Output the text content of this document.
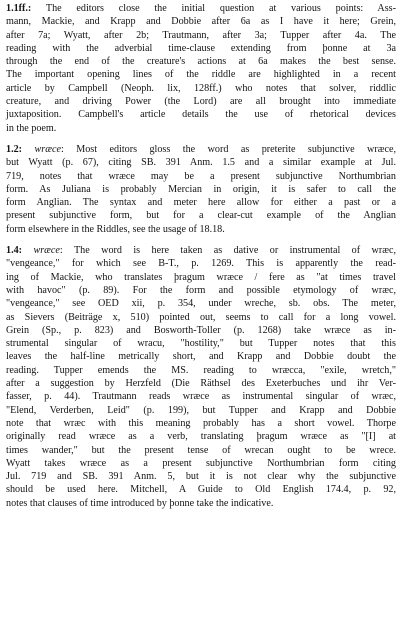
1.1ff.: The editors close the initial question at various points: Ass-
mann, Mackie, and Krapp and Dobbie after 6a as I have it here; Grein,
after 7a; Wyatt, after 2b; Trautmann, after 3a; Tupper after 4a. The
reading with the adverbial time-clause extending from þonne at 3a
through the end of the creature's actions at 6a makes the best sense.
The important opening lines of the riddle are highlighted in a recent
article by Campbell (Neoph. lix, 128ff.) who notes that solver, riddlic
creature, and driving Power (the Lord) are all brought into immediate
juxtaposition. Campbell's article details the use of rhetorical devices
in the poem.
1.2: wræce: Most editors gloss the word as preterite subjunctive wræce,
but Wyatt (p. 67), citing SB. 391 Anm. 1.5 and a similar example at Jul.
719, notes that wræce may be a present subjunctive Northumbrian
form. As Juliana is probably Mercian in origin, it is safer to call the
form Anglian. The syntax and meter here allow for either a past or a
present subjunctive form, but for a clear-cut example of the Anglian
form elsewhere in the Riddles, see the usage of 18.18.
1.4: wræce: The word is here taken as dative or instrumental of wræc,
"vengeance," for which see B-T., p. 1269. This is apparently the read-
ing of Mackie, who translates þragum wræce / fere as "at times travel
with havoc" (p. 89). For the form and possible etymology of wræc,
"vengeance," see OED xii, p. 354, under wreche, sb. obs. The meter,
as Sievers (Beiträge x, 510) pointed out, seems to call for a long vowel.
Grein (Sp., p. 823) and Bosworth-Toller (p. 1268) take wræce as in-
strumental singular of wracu, "hostility," but Tupper notes that this
leaves the half-line metrically short, and Krapp and Dobbie doubt the
reading. Tupper emends the MS. reading to wræcca, "exile, wretch,"
after a suggestion by Herzfeld (Die Räthsel des Exeterbuches und ihr Ver-
fasser, p. 44). Trautmann reads wræce as instrumental singular of wræc,
"Elend, Verderben, Leid" (p. 199), but Tupper and Krapp and Dobbie
note that wræc with this meaning probably has a short vowel. Thorpe
originally read wræce as a verb, translating þragum wræce as "[I] at
times wander," but the present tense of wrecan ought to be wrece.
Wyatt takes wræce as a present subjunctive Northumbrian form citing
Jul. 719 and SB. 391 Anm. 5, but it is not clear why the subjunctive
should be used here. Mitchell, A Guide to Old English 174.4, p. 92,
notes that clauses of time introduced by þonne take the indicative.
